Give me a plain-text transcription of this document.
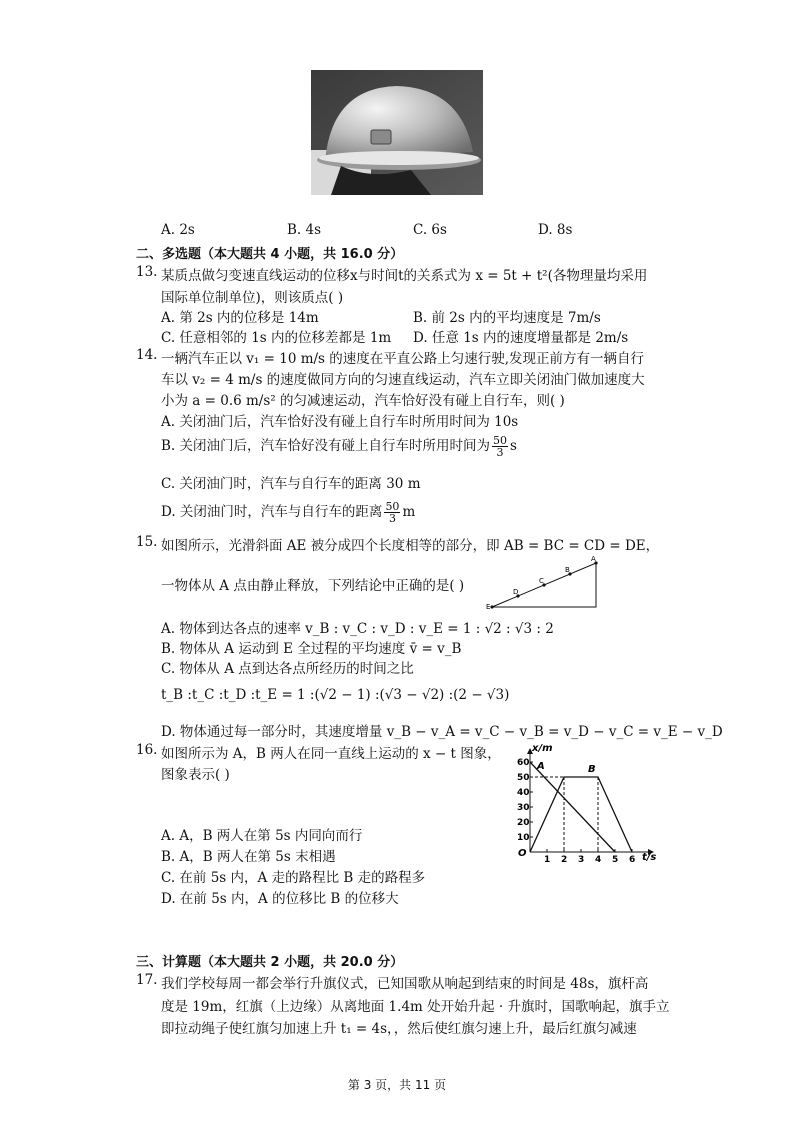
A. 2s	B. 4s	C. 6s	D. 8s
二、多选题（本大题共 4 小题，共 16.0 分）
13. 某质点做匀变速直线运动的位移x与时间t的关系式为 x = 5t + t²(各物理量均采用
国际单位制单位)，则该质点( )
A. 第 2s 内的位移是 14m	B. 前 2s 内的平均速度是 7m/s
C. 任意相邻的 1s 内的位移差都是 1m D. 任意 1s 内的速度增量都是 2m/s
14. 一辆汽车正以 v₁ = 10 m/s 的速度在平直公路上匀速行驶,发现正前方有一辆自行
车以 v₂ = 4 m/s 的速度做同方向的匀速直线运动，汽车立即关闭油门做加速度大
小为 a = 0.6 m/s² 的匀减速运动，汽车恰好没有碰上自行车，则( )
A. 关闭油门后，汽车恰好没有碰上自行车时所用时间为 10s
B. 关闭油门后，汽车恰好没有碰上自行车时所用时间为 $\frac{50}{3}$ s
C. 关闭油门时，汽车与自行车的距离 30 m
D. 关闭油门时，汽车与自行车的距离 $\frac{50}{3}$ m
15. 如图所示，光滑斜面 AE 被分成四个长度相等的部分，即 AB = BC = CD = DE，
一物体从 A 点由静止释放，下列结论中正确的是( )
A
B
C
D
E
A. 物体到达各点的速率 v_B : v_C : v_D : v_E = 1 : √2 : √3 : 2
B. 物体从 A 运动到 E 全过程的平均速度 v̄ = v_B
C. 物体从 A 点到达各点所经历的时间之比
t_B :t_C :t_D :t_E = 1 :(√2 − 1) :(√3 − √2) :(2 − √3)
D. 物体通过每一部分时，其速度增量 v_B − v_A = v_C − v_B = v_D − v_C = v_E − v_D
16. 如图所示为 A，B 两人在同一直线上运动的 x − t 图象，
图象表示( )
1 2 3 4 5 6
10
20
30
40
50
60
x/m
t/s
O
A	B
A. A，B 两人在第 5s 内同向而行
B. A，B 两人在第 5s 末相遇
C. 在前 5s 内，A 走的路程比 B 走的路程多
D. 在前 5s 内，A 的位移比 B 的位移大
三、计算题（本大题共 2 小题，共 20.0 分）
17. 我们学校每周一都会举行升旗仪式，已知国歌从响起到结束的时间是 48s，旗杆高
度是 19m，红旗（上边缘）从离地面 1.4m 处开始升起 · 升旗时，国歌响起，旗手立
即拉动绳子使红旗匀加速上升 t₁ = 4s，，然后使红旗匀速上升，最后红旗匀减速
第 3 页，共 11 页
